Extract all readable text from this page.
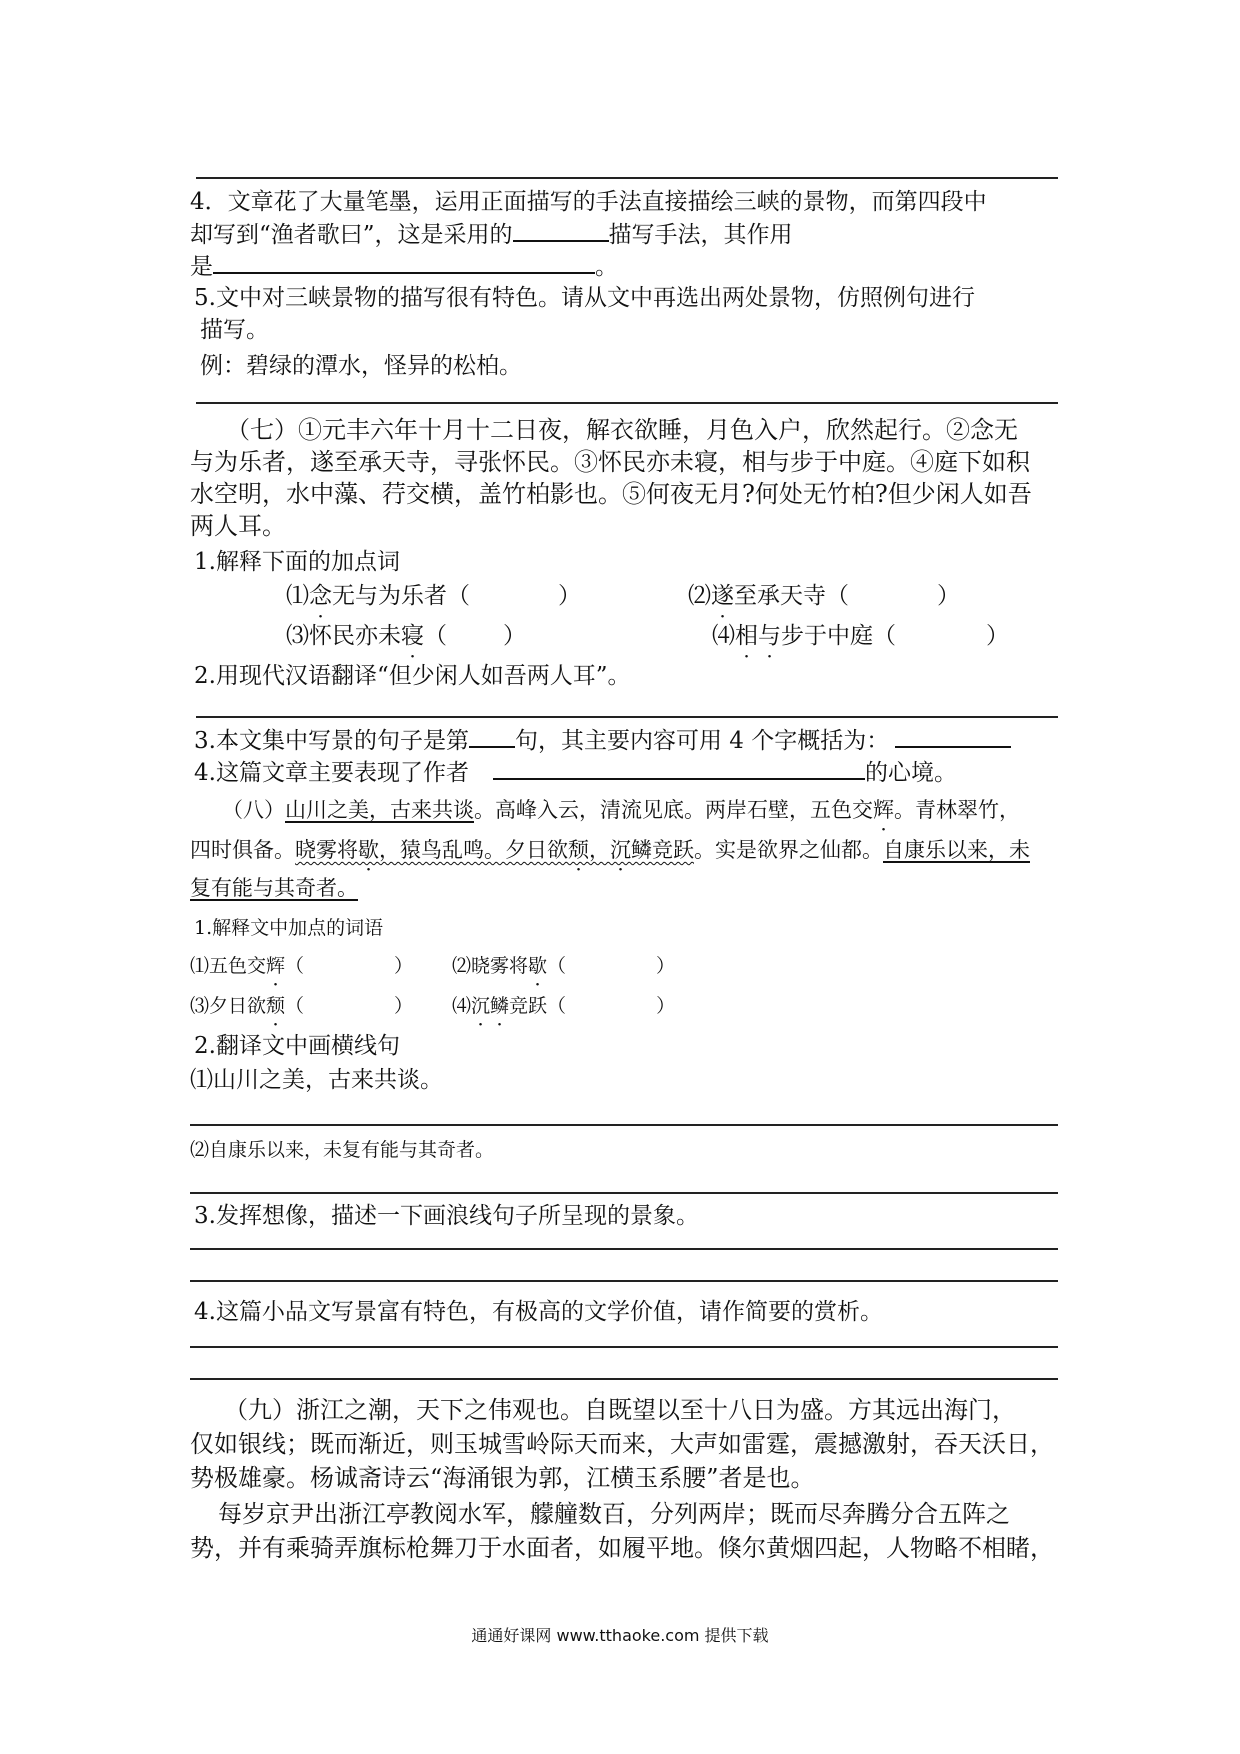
4．文章花了大量笔墨，运用正面描写的手法直接描绘三峡的景物，而第四段中
却写到“渔者歌曰”，这是采用的	描写手法，其作用
是	。
5.文中对三峡景物的描写很有特色。请从文中再选出两处景物，仿照例句进行
描写。
例：碧绿的潭水，怪异的松柏。
（七）①元丰六年十月十二日夜，解衣欲睡，月色入户，欣然起行。②念无
与为乐者，遂至承天寺，寻张怀民。③怀民亦未寝，相与步于中庭。④庭下如积
水空明，水中藻、荇交横，盖竹柏影也。⑤何夜无月?何处无竹柏?但少闲人如吾
两人耳。
1.解释下面的加点词
⑴念无与为乐者（	）	⑵遂至承天寺（	）
⑶怀民亦未寝（ ）	⑷相与步于中庭（	）
2.用现代汉语翻译“但少闲人如吾两人耳”。
3.本文集中写景的句子是第 句，其主要内容可用 4 个字概括为：
4.这篇文章主要表现了作者	的心境。
（八）山川之美，古来共谈。高峰入云，清流见底。两岸石壁，五色交辉。青林翠竹，
四时俱备。晓雾将歇，猿鸟乱鸣。夕日欲颓，沉鳞竞跃。实是欲界之仙都。自康乐以来，未
复有能与其奇者。
1.解释文中加点的词语
⑴五色交辉（	） ⑵晓雾将歇（	）
⑶夕日欲颓（	） ⑷沉鳞竞跃（	）
2.翻译文中画横线句
⑴山川之美，古来共谈。
⑵自康乐以来，未复有能与其奇者。
3.发挥想像，描述一下画浪线句子所呈现的景象。
4.这篇小品文写景富有特色，有极高的文学价值，请作简要的赏析。
（九）浙江之潮，天下之伟观也。自既望以至十八日为盛。方其远出海门，
仅如银线；既而渐近，则玉城雪岭际天而来，大声如雷霆，震撼激射，吞天沃日，
势极雄豪。杨诚斋诗云“海涌银为郭，江横玉系腰”者是也。
每岁京尹出浙江亭教阅水军，艨艟数百，分列两岸；既而尽奔腾分合五阵之
势，并有乘骑弄旗标枪舞刀于水面者，如履平地。倏尔黄烟四起，人物略不相睹，
通通好课网 www.tthaoke.com 提供下载
